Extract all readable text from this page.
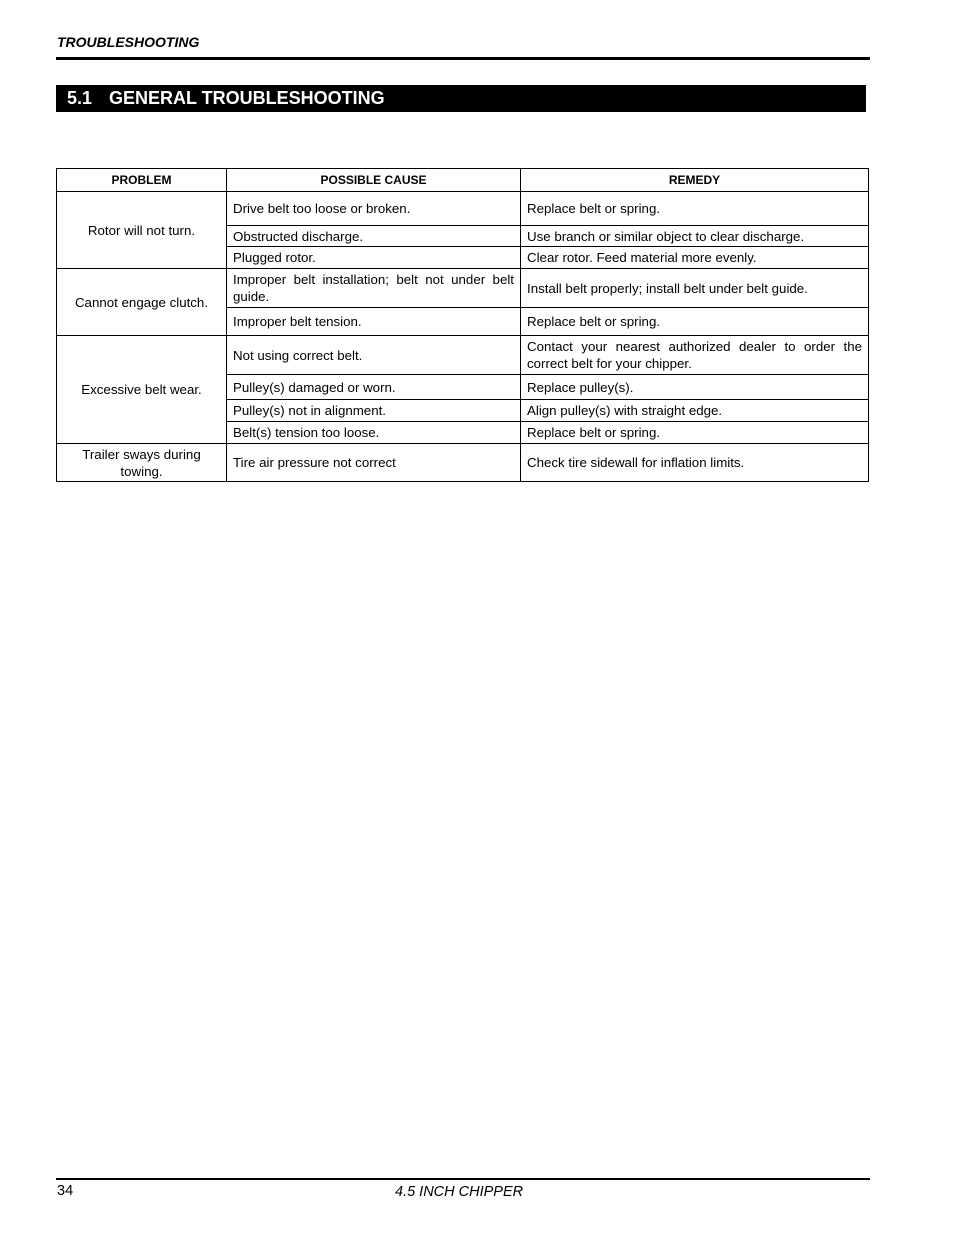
TROUBLESHOOTING
5.1 GENERAL TROUBLESHOOTING
PROBLEM	POSSIBLE CAUSE	REMEDY
Rotor will not turn.	Drive belt too loose or broken.	Replace belt or spring.
	Obstructed discharge.	Use branch or similar object to clear discharge.
	Plugged rotor.	Clear rotor. Feed material more evenly.
Cannot engage clutch.	Improper belt installation; belt not under belt guide.	Install belt properly; install belt under belt guide.
	Improper belt tension.	Replace belt or spring.
Excessive belt wear.	Not using correct belt.	Contact your nearest authorized dealer to order the correct belt for your chipper.
	Pulley(s) damaged or worn.	Replace pulley(s).
	Pulley(s) not in alignment.	Align pulley(s) with straight edge.
	Belt(s) tension too loose.	Replace belt or spring.
Trailer sways during towing.	Tire air pressure not correct	Check tire sidewall for inflation limits.
34	4.5 INCH CHIPPER
